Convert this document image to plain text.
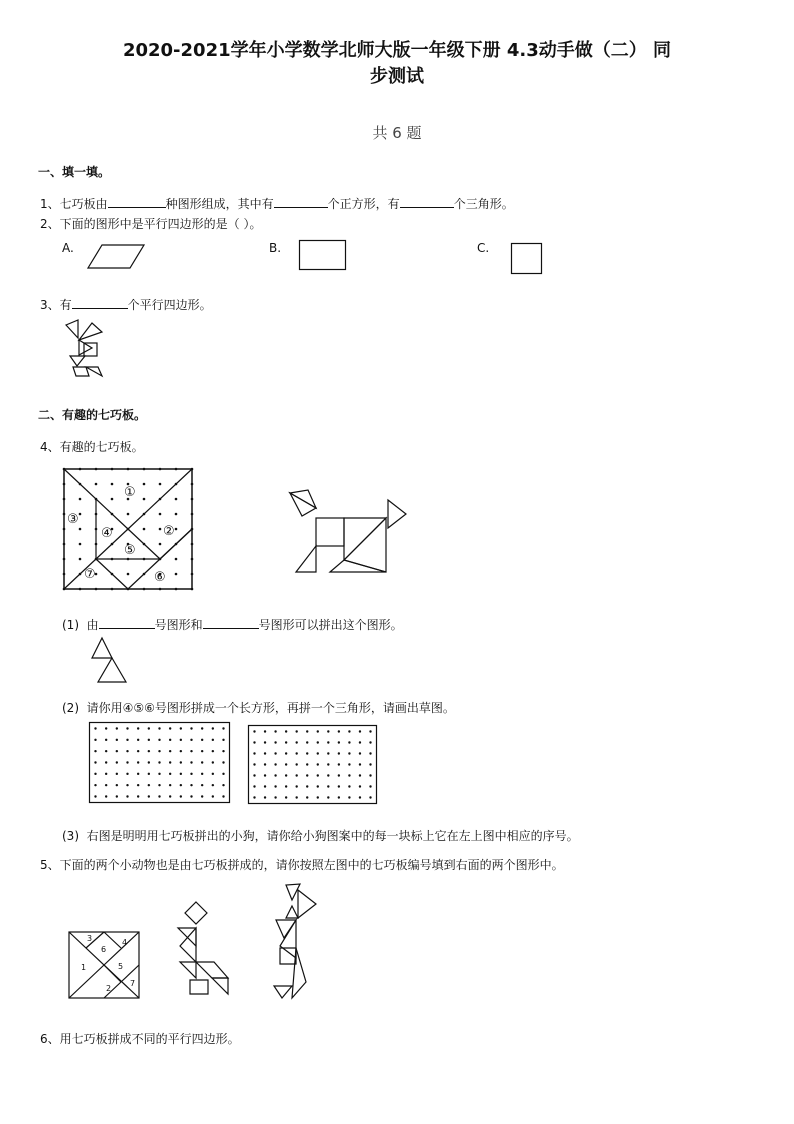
2020-2021学年小学数学北师大版一年级下册 4.3动手做（二） 同
步测试
共 6 题
一、填一填。
1、七巧板由	种图形组成，其中有	个正方形，有	个三角形。
2、下面的图形中是平行四边形的是（ ）。
A.	B.	C.
3、有	个平行四边形。
二、有趣的七巧板。
4、有趣的七巧板。
①
②
③
④
⑤
⑥
⑦
(1) 由	号图形和	号图形可以拼出这个图形。
(2) 请你用④⑤⑥号图形拼成一个长方形，再拼一个三角形，请画出草图。
(3) 右图是明明用七巧板拼出的小狗，请你给小狗图案中的每一块标上它在左上图中相应的序号。
5、下面的两个小动物也是由七巧板拼成的，请你按照左图中的七巧板编号填到右面的两个图形中。
3	4
6
1	5
7
2
6、用七巧板拼成不同的平行四边形。
